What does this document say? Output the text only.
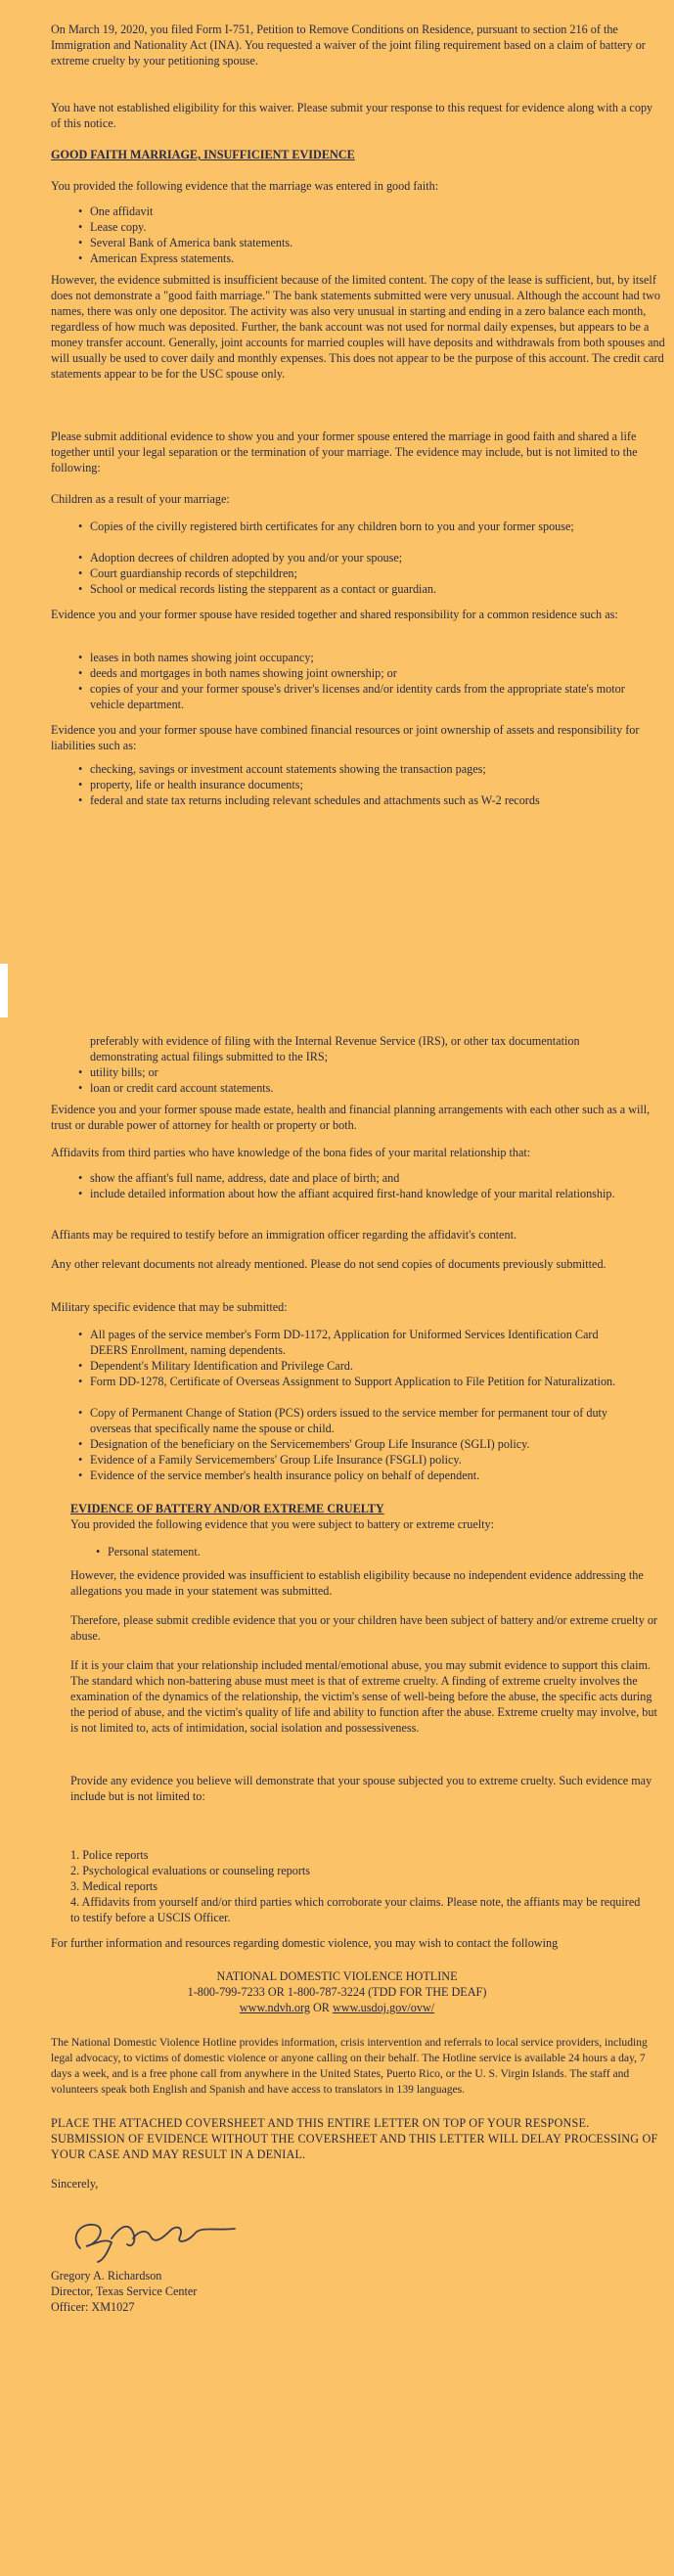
On March 19, 2020, you filed Form I-751, Petition to Remove Conditions on Residence, pursuant to section 216 of the Immigration and Nationality Act (INA). You requested a waiver of the joint filing requirement based on a claim of battery or extreme cruelty by your petitioning spouse.

You have not established eligibility for this waiver. Please submit your response to this request for evidence along with a copy of this notice.

GOOD FAITH MARRIAGE, INSUFFICIENT EVIDENCE

You provided the following evidence that the marriage was entered in good faith:

• One affidavit

• Lease copy.

• Several Bank of America bank statements.

• American Express statements.

However, the evidence submitted is insufficient because of the limited content. The copy of the lease is sufficient, but, by itself does not demonstrate a "good faith marriage." The bank statements submitted were very unusual. Although the account had two names, there was only one depositor. The activity was also very unusual in starting and ending in a zero balance each month, regardless of how much was deposited. Further, the bank account was not used for normal daily expenses, but appears to be a money transfer account. Generally, joint accounts for married couples will have deposits and withdrawals from both spouses and will usually be used to cover daily and monthly expenses. This does not appear to be the purpose of this account. The credit card statements appear to be for the USC spouse only.

Please submit additional evidence to show you and your former spouse entered the marriage in good faith and shared a life together until your legal separation or the termination of your marriage. The evidence may include, but is not limited to the following:

Children as a result of your marriage:

• Copies of the civilly registered birth certificates for any children born to you and your former spouse;

• Adoption decrees of children adopted by you and/or your spouse;

• Court guardianship records of stepchildren;

• School or medical records listing the stepparent as a contact or guardian.

Evidence you and your former spouse have resided together and shared responsibility for a common residence such as:

• leases in both names showing joint occupancy;

• deeds and mortgages in both names showing joint ownership; or

• copies of your and your former spouse's driver's licenses and/or identity cards from the appropriate state's motor vehicle department.

Evidence you and your former spouse have combined financial resources or joint ownership of assets and responsibility for liabilities such as:

• checking, savings or investment account statements showing the transaction pages;

• property, life or health insurance documents;

• federal and state tax returns including relevant schedules and attachments such as W-2 records

preferably with evidence of filing with the Internal Revenue Service (IRS), or other tax documentation demonstrating actual filings submitted to the IRS;

• utility bills; or

• loan or credit card account statements.

Evidence you and your former spouse made estate, health and financial planning arrangements with each other such as a will, trust or durable power of attorney for health or property or both.

Affidavits from third parties who have knowledge of the bona fides of your marital relationship that:

• show the affiant's full name, address, date and place of birth; and

• include detailed information about how the affiant acquired first-hand knowledge of your marital relationship.

Affiants may be required to testify before an immigration officer regarding the affidavit's content.

Any other relevant documents not already mentioned. Please do not send copies of documents previously submitted.

Military specific evidence that may be submitted:

• All pages of the service member's Form DD-1172, Application for Uniformed Services Identification Card DEERS Enrollment, naming dependents.

• Dependent's Military Identification and Privilege Card.

• Form DD-1278, Certificate of Overseas Assignment to Support Application to File Petition for Naturalization.

• Copy of Permanent Change of Station (PCS) orders issued to the service member for permanent tour of duty overseas that specifically name the spouse or child.

• Designation of the beneficiary on the Servicemembers' Group Life Insurance (SGLI) policy.

• Evidence of a Family Servicemembers' Group Life Insurance (FSGLI) policy.

• Evidence of the service member's health insurance policy on behalf of dependent.

EVIDENCE OF BATTERY AND/OR EXTREME CRUELTY

You provided the following evidence that you were subject to battery or extreme cruelty:

• Personal statement.

However, the evidence provided was insufficient to establish eligibility because no independent evidence addressing the allegations you made in your statement was submitted.

Therefore, please submit credible evidence that you or your children have been subject of battery and/or extreme cruelty or abuse.

If it is your claim that your relationship included mental/emotional abuse, you may submit evidence to support this claim. The standard which non-battering abuse must meet is that of extreme cruelty. A finding of extreme cruelty involves the examination of the dynamics of the relationship, the victim's sense of well-being before the abuse, the specific acts during the period of abuse, and the victim's quality of life and ability to function after the abuse. Extreme cruelty may involve, but is not limited to, acts of intimidation, social isolation and possessiveness.

Provide any evidence you believe will demonstrate that your spouse subjected you to extreme cruelty. Such evidence may include but is not limited to:

1. Police reports

2. Psychological evaluations or counseling reports

3. Medical reports

4. Affidavits from yourself and/or third parties which corroborate your claims. Please note, the affiants may be required to testify before a USCIS Officer.

For further information and resources regarding domestic violence, you may wish to contact the following

NATIONAL DOMESTIC VIOLENCE HOTLINE

1-800-799-7233 OR 1-800-787-3224 (TDD FOR THE DEAF)

www.ndvh.org OR www.usdoj.gov/ovw/

The National Domestic Violence Hotline provides information, crisis intervention and referrals to local service providers, including legal advocacy, to victims of domestic violence or anyone calling on their behalf. The Hotline service is available 24 hours a day, 7 days a week, and is a free phone call from anywhere in the United States, Puerto Rico, or the U. S. Virgin Islands. The staff and volunteers speak both English and Spanish and have access to translators in 139 languages.

PLACE THE ATTACHED COVERSHEET AND THIS ENTIRE LETTER ON TOP OF YOUR RESPONSE. SUBMISSION OF EVIDENCE WITHOUT THE COVERSHEET AND THIS LETTER WILL DELAY PROCESSING OF YOUR CASE AND MAY RESULT IN A DENIAL.

Sincerely,

Gregory A. Richardson

Director, Texas Service Center

Officer: XM1027
